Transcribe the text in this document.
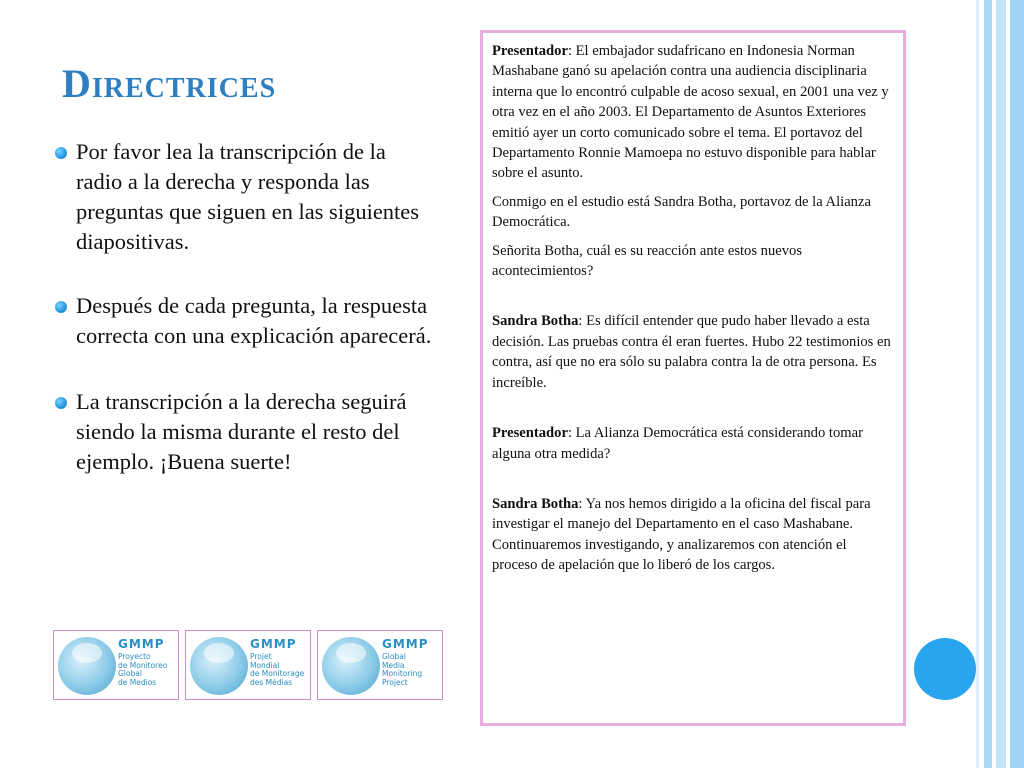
Directrices
Por favor lea la transcripción de la radio a la derecha y responda las preguntas que siguen en las siguientes diapositivas.
Después de cada pregunta, la respuesta correcta con una explicación aparecerá.
La transcripción a la derecha seguirá siendo la misma durante el resto del ejemplo. ¡Buena suerte!
GMMP
Proyecto
de Monitoreo
Global
de Medios
GMMP
Projet
Mondial
de Monitorage
des Médias
GMMP
Global
Media
Monitoring
Project

Presentador: El embajador sudafricano en Indonesia Norman Mashabane ganó su apelación contra una audiencia disciplinaria interna que lo encontró culpable de acoso sexual, en 2001 una vez y otra vez en el año 2003. El Departamento de Asuntos Exteriores emitió ayer un corto comunicado sobre el tema. El portavoz del Departamento Ronnie Mamoepa no estuvo disponible para hablar sobre el asunto.

Conmigo en el estudio está Sandra Botha, portavoz de la Alianza Democrática.

Señorita Botha, cuál es su reacción ante estos nuevos acontecimientos?

Sandra Botha: Es difícil entender que pudo haber llevado a esta decisión. Las pruebas contra él eran fuertes. Hubo 22 testimonios en contra, así que no era sólo su palabra contra la de otra persona. Es increíble.

Presentador: La Alianza Democrática está considerando tomar alguna otra medida?

Sandra Botha: Ya nos hemos dirigido a la oficina del fiscal para investigar el manejo del Departamento en el caso Mashabane. Continuaremos investigando, y analizaremos con atención el proceso de apelación que lo liberó de los cargos.
